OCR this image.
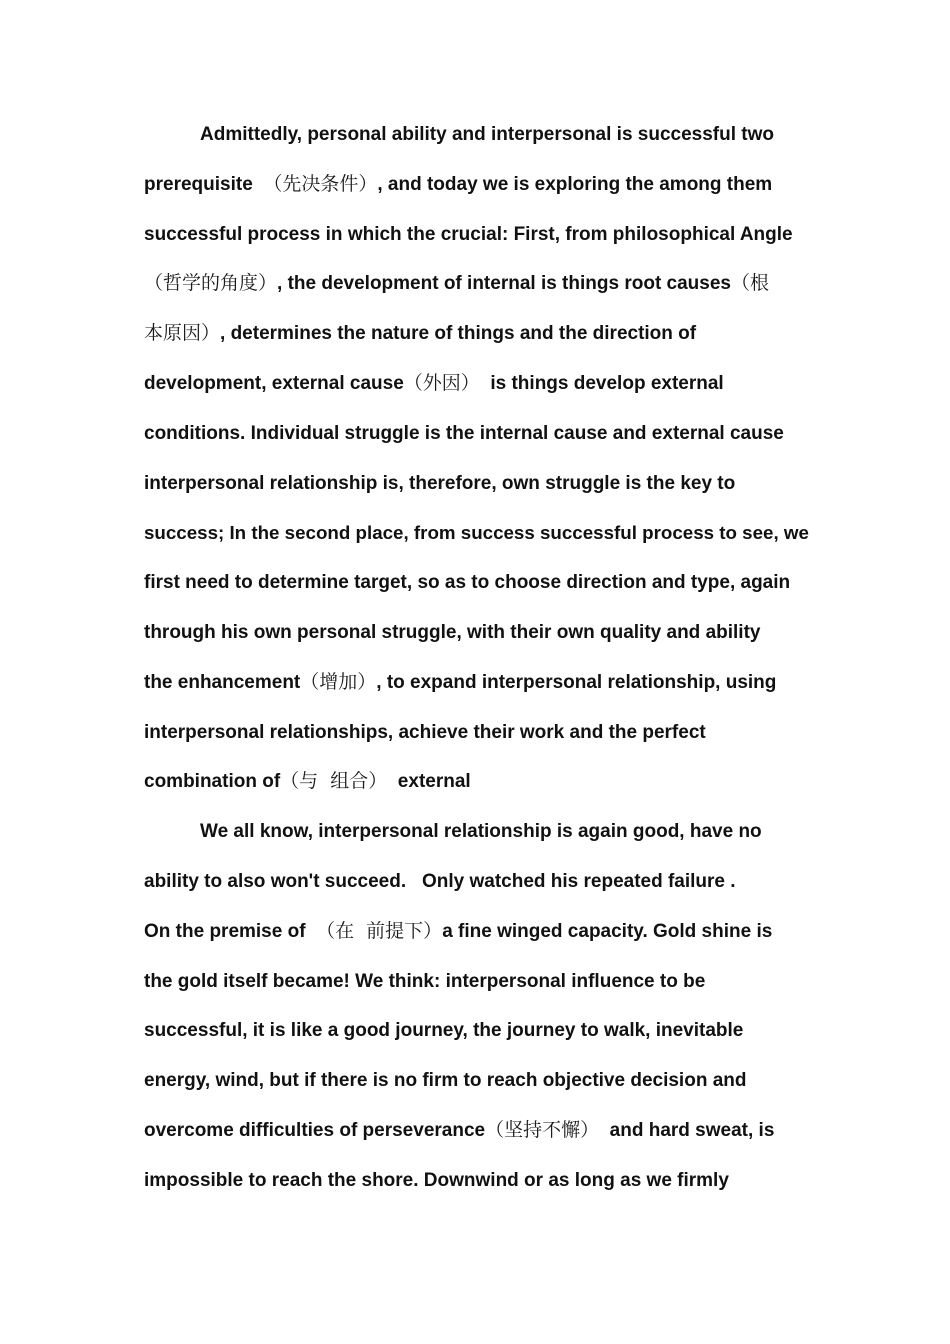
Admittedly, personal ability and interpersonal is successful two
prerequisite  （先决条件）, and today we is exploring the among them
successful process in which the crucial: First, from philosophical Angle
（哲学的角度）, the development of internal is things root causes（根
本原因）, determines the nature of things and the direction of
development, external cause（外因）  is things develop external
conditions. Individual struggle is the internal cause and external cause
interpersonal relationship is, therefore, own struggle is the key to
success; In the second place, from success successful process to see, we
first need to determine target, so as to choose direction and type, again
through his own personal struggle, with their own quality and ability
the enhancement（增加）, to expand interpersonal relationship, using
interpersonal relationships, achieve their work and the perfect
combination of（与  组合）  external
We all know, interpersonal relationship is again good, have no
ability to also won't succeed.   Only watched his repeated failure .
On the premise of  （在  前提下）a fine winged capacity. Gold shine is
the gold itself became! We think: interpersonal influence to be
successful, it is like a good journey, the journey to walk, inevitable
energy, wind, but if there is no firm to reach objective decision and
overcome difficulties of perseverance（坚持不懈）  and hard sweat, is
impossible to reach the shore. Downwind or as long as we firmly
